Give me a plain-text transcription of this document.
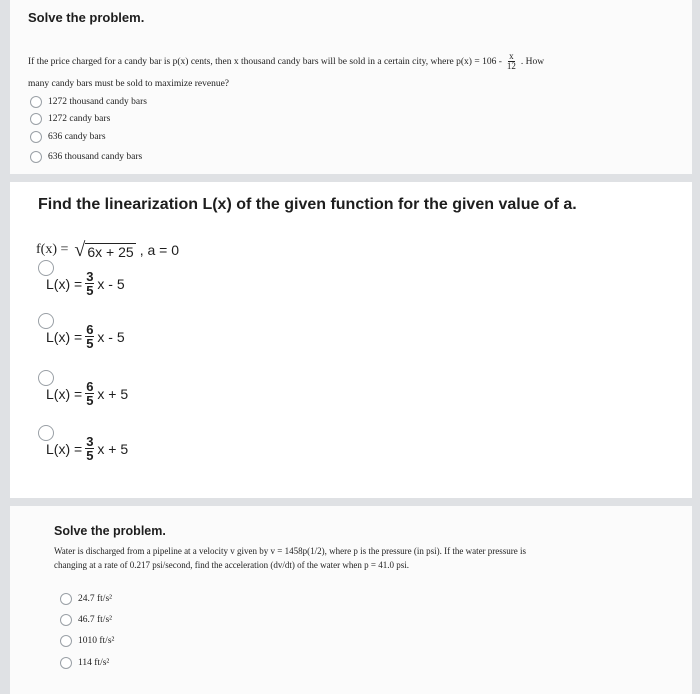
Solve the problem.
If the price charged for a candy bar is p(x) cents, then x thousand candy bars will be sold in a certain city, where $p(x) = 106 - \frac{x}{12}$ . How
many candy bars must be sold to maximize revenue?
1272 thousand candy bars
1272 candy bars
636 candy bars
636 thousand candy bars
Find the linearization L(x) of the given function for the given value of a.
f(x) = √ 6x + 25 , a = 0
$L(x) = \frac{3}{5}$ x - 5
$L(x) = \frac{6}{5}$ x - 5
$L(x) = \frac{6}{5}$ x + 5
$L(x) = \frac{3}{5}$ x + 5
Solve the problem.
Water is discharged from a pipeline at a velocity v given by v = 1458p(1/2), where p is the pressure (in psi). If the water pressure is
changing at a rate of 0.217 psi/second, find the acceleration (dv/dt) of the water when p = 41.0 psi.
24.7 ft/s²
46.7 ft/s²
1010 ft/s²
114 ft/s²
